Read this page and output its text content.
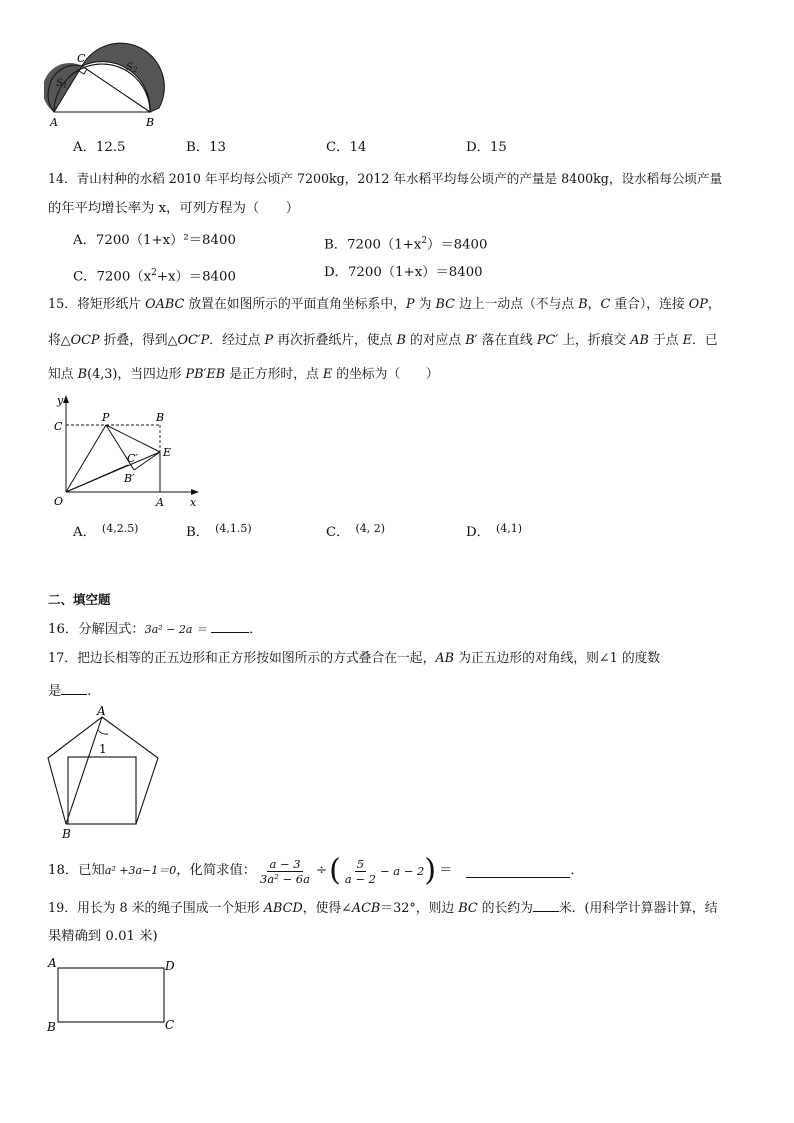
C
$S_1$
$S_2$
A	B
A．12.5	B．13	C．14	D．15
14．青山村种的水稻 2010 年平均每公顷产 7200kg，2012 年水稻平均每公顷产的产量是 8400kg，设水稻每公顷产量
的年平均增长率为 x，可列方程为（　　）
A．7200（1+x）²＝8400	B．$7200(1+x^2)=8400$
C．$7200(x^2+x)=8400$	D．7200（1+x）＝8400
15．将矩形纸片 OABC 放置在如图所示的平面直角坐标系中，P 为 BC 边上一动点（不与点 B，C 重合），连接 OP，
将△OCP 折叠，得到△OC′P．经过点 P 再次折叠纸片，使点 B 的对应点 B′ 落在直线 PC′ 上，折痕交 AB 于点 E．已
知点 B(4,3)，当四边形 PB′EB 是正方形时，点 E 的坐标为（　　）
y
x
C
P	B
E
C′
B′
O	A
A． $^{(4,2.5)}$	B． $^{(4,1.5)}$	C． $^{(4, 2)}$	D． $^{(4,1)}$
二、填空题
16．分解因式：3a² − 2a ＝	．
17．把边长相等的正五边形和正方形按如图所示的方式叠合在一起，AB 为正五边形的对角线，则∠1 的度数
是 .
A
B
1
18．已知 a² +3a−1＝0 ，化简求值： $\frac{a - 3}{\text{3a² − 6a}}$ ÷ ( $\frac{5}{a - 2} - a - 2$ ) ＝	．
19．用长为 8 米的绳子围成一个矩形 ABCD，使得∠ACB＝32°，则边 BC 的长约为 米．(用科学计算器计算，结
果精确到 0.01 米)
A	D
B	C
